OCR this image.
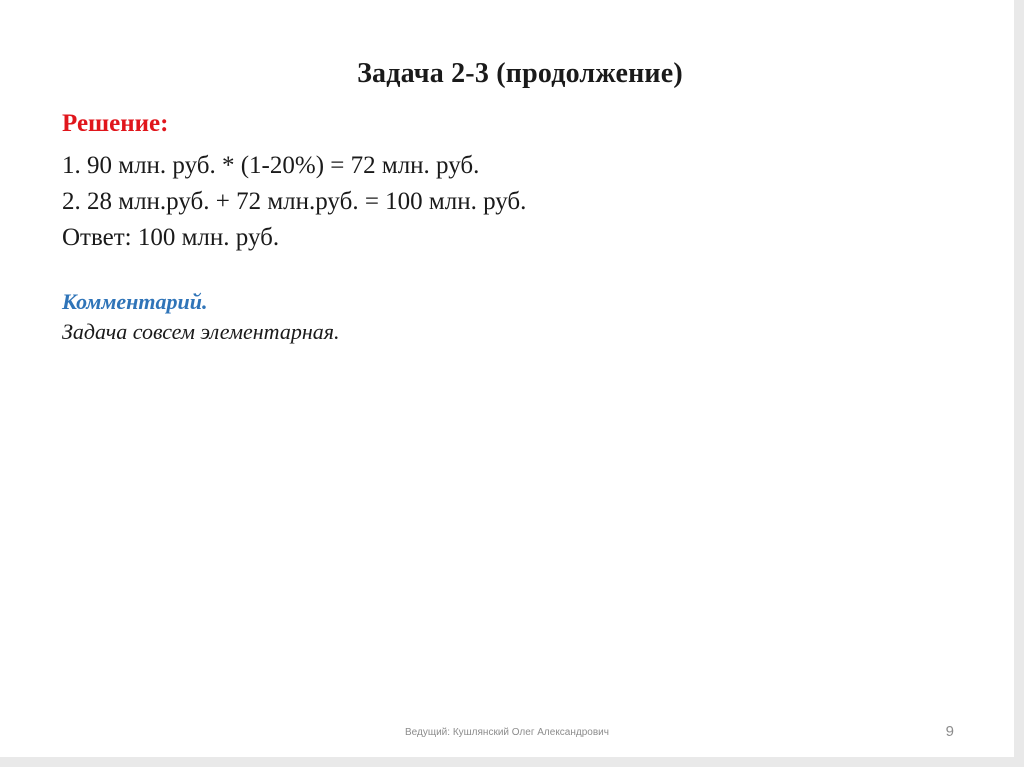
Задача 2-3 (продолжение)
Решение:
1. 90 млн. руб. * (1-20%) = 72 млн. руб.
2. 28 млн.руб. + 72 млн.руб. = 100 млн. руб.
Ответ: 100 млн. руб.
Комментарий.
Задача совсем элементарная.
Ведущий: Кушлянский Олег Александрович	9
